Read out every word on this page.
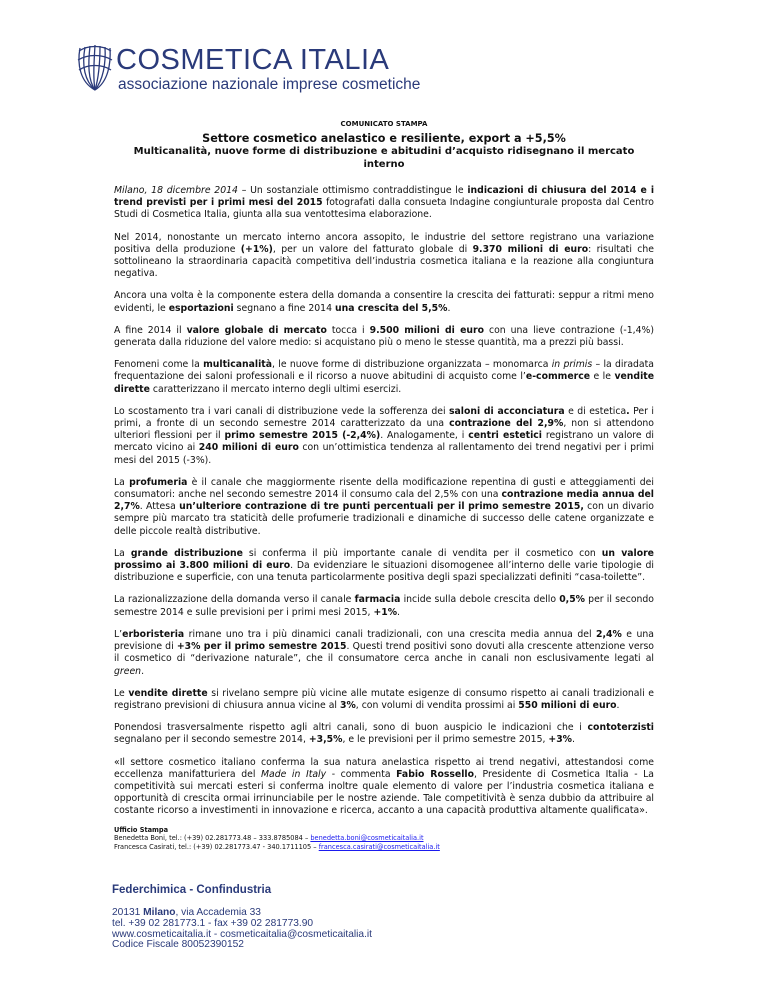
COSMETICA ITALIA
associazione nazionale imprese cosmetiche
COMUNICATO STAMPA
Settore cosmetico anelastico e resiliente, export a +5,5%
Multicanalità, nuove forme di distribuzione e abitudini d’acquisto ridisegnano il mercato interno

Milano, 18 dicembre 2014 – Un sostanziale ottimismo contraddistingue le indicazioni di chiusura del 2014 e i trend previsti per i primi mesi del 2015 fotografati dalla consueta Indagine congiunturale proposta dal Centro Studi di Cosmetica Italia, giunta alla sua ventottesima elaborazione.

Nel 2014, nonostante un mercato interno ancora assopito, le industrie del settore registrano una variazione positiva della produzione (+1%), per un valore del fatturato globale di 9.370 milioni di euro: risultati che sottolineano la straordinaria capacità competitiva dell’industria cosmetica italiana e la reazione alla congiuntura negativa.

Ancora una volta è la componente estera della domanda a consentire la crescita dei fatturati: seppur a ritmi meno evidenti, le esportazioni segnano a fine 2014 una crescita del 5,5%.

A fine 2014 il valore globale di mercato tocca i 9.500 milioni di euro con una lieve contrazione (-1,4%) generata dalla riduzione del valore medio: si acquistano più o meno le stesse quantità, ma a prezzi più bassi.

Fenomeni come la multicanalità, le nuove forme di distribuzione organizzata – monomarca in primis – la diradata frequentazione dei saloni professionali e il ricorso a nuove abitudini di acquisto come l’e-commerce e le vendite dirette caratterizzano il mercato interno degli ultimi esercizi.

Lo scostamento tra i vari canali di distribuzione vede la sofferenza dei saloni di acconciatura e di estetica. Per i primi, a fronte di un secondo semestre 2014 caratterizzato da una contrazione del 2,9%, non si attendono ulteriori flessioni per il primo semestre 2015 (-2,4%). Analogamente, i centri estetici registrano un valore di mercato vicino ai 240 milioni di euro con un’ottimistica tendenza al rallentamento dei trend negativi per i primi mesi del 2015 (-3%).

La profumeria è il canale che maggiormente risente della modificazione repentina di gusti e atteggiamenti dei consumatori: anche nel secondo semestre 2014 il consumo cala del 2,5% con una contrazione media annua del 2,7%. Attesa un’ulteriore contrazione di tre punti percentuali per il primo semestre 2015, con un divario sempre più marcato tra staticità delle profumerie tradizionali e dinamiche di successo delle catene organizzate e delle piccole realtà distributive.

La grande distribuzione si conferma il più importante canale di vendita per il cosmetico con un valore prossimo ai 3.800 milioni di euro. Da evidenziare le situazioni disomogenee all’interno delle varie tipologie di distribuzione e superficie, con una tenuta particolarmente positiva degli spazi specializzati definiti “casa-toilette”.

La razionalizzazione della domanda verso il canale farmacia incide sulla debole crescita dello 0,5% per il secondo semestre 2014 e sulle previsioni per i primi mesi 2015, +1%.

L’erboristeria rimane uno tra i più dinamici canali tradizionali, con una crescita media annua del 2,4% e una previsione di +3% per il primo semestre 2015. Questi trend positivi sono dovuti alla crescente attenzione verso il cosmetico di “derivazione naturale”, che il consumatore cerca anche in canali non esclusivamente legati al green.

Le vendite dirette si rivelano sempre più vicine alle mutate esigenze di consumo rispetto ai canali tradizionali e registrano previsioni di chiusura annua vicine al 3%, con volumi di vendita prossimi ai 550 milioni di euro.

Ponendosi trasversalmente rispetto agli altri canali, sono di buon auspicio le indicazioni che i contoterzisti segnalano per il secondo semestre 2014, +3,5%, e le previsioni per il primo semestre 2015, +3%.

«Il settore cosmetico italiano conferma la sua natura anelastica rispetto ai trend negativi, attestandosi come eccellenza manifatturiera del Made in Italy - commenta Fabio Rossello, Presidente di Cosmetica Italia - La competitività sui mercati esteri si conferma inoltre quale elemento di valore per l’industria cosmetica italiana e opportunità di crescita ormai irrinunciabile per le nostre aziende. Tale competitività è senza dubbio da attribuire al costante ricorso a investimenti in innovazione e ricerca, accanto a una capacità produttiva altamente qualificata».

Ufficio Stampa
Benedetta Boni, tel.: (+39) 02.281773.48 – 333.8785084 – benedetta.boni@cosmeticaitalia.it
Francesca Casirati, tel.: (+39) 02.281773.47 - 340.1711105 – francesca.casirati@cosmeticaitalia.it
Federchimica - Confindustria
20131 Milano, via Accademia 33
tel. +39 02 281773.1 - fax +39 02 281773.90
www.cosmeticaitalia.it - cosmeticaitalia@cosmeticaitalia.it
Codice Fiscale 80052390152
